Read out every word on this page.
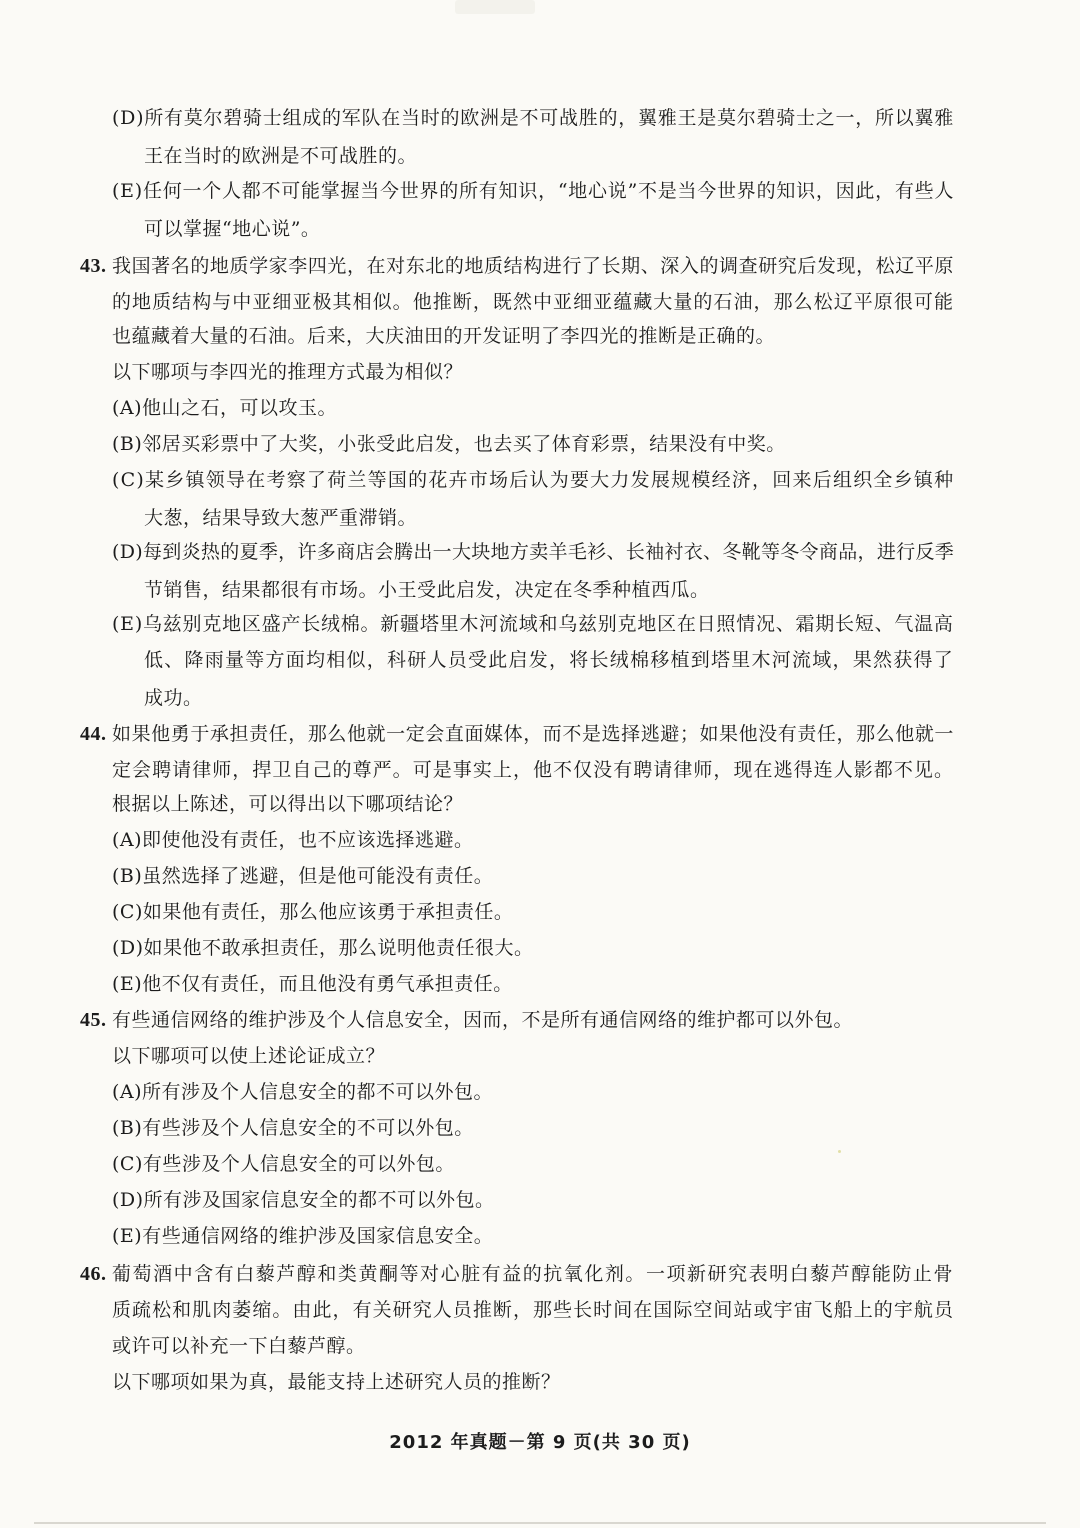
(D)所有莫尔碧骑士组成的军队在当时的欧洲是不可战胜的，翼雅王是莫尔碧骑士之一，所以翼雅
王在当时的欧洲是不可战胜的。
(E)任何一个人都不可能掌握当今世界的所有知识，“地心说”不是当今世界的知识，因此，有些人
可以掌握“地心说”。
43. 我国著名的地质学家李四光，在对东北的地质结构进行了长期、深入的调查研究后发现，松辽平原
的地质结构与中亚细亚极其相似。他推断，既然中亚细亚蕴藏大量的石油，那么松辽平原很可能
也蕴藏着大量的石油。后来，大庆油田的开发证明了李四光的推断是正确的。
以下哪项与李四光的推理方式最为相似？
(A)他山之石，可以攻玉。
(B)邻居买彩票中了大奖，小张受此启发，也去买了体育彩票，结果没有中奖。
(C)某乡镇领导在考察了荷兰等国的花卉市场后认为要大力发展规模经济，回来后组织全乡镇种
大葱，结果导致大葱严重滞销。
(D)每到炎热的夏季，许多商店会腾出一大块地方卖羊毛衫、长袖衬衣、冬靴等冬令商品，进行反季
节销售，结果都很有市场。小王受此启发，决定在冬季种植西瓜。
(E)乌兹别克地区盛产长绒棉。新疆塔里木河流域和乌兹别克地区在日照情况、霜期长短、气温高
低、降雨量等方面均相似，科研人员受此启发，将长绒棉移植到塔里木河流域，果然获得了
成功。
44. 如果他勇于承担责任，那么他就一定会直面媒体，而不是选择逃避；如果他没有责任，那么他就一
定会聘请律师，捍卫自己的尊严。可是事实上，他不仅没有聘请律师，现在逃得连人影都不见。
根据以上陈述，可以得出以下哪项结论？
(A)即使他没有责任，也不应该选择逃避。
(B)虽然选择了逃避，但是他可能没有责任。
(C)如果他有责任，那么他应该勇于承担责任。
(D)如果他不敢承担责任，那么说明他责任很大。
(E)他不仅有责任，而且他没有勇气承担责任。
45. 有些通信网络的维护涉及个人信息安全，因而，不是所有通信网络的维护都可以外包。
以下哪项可以使上述论证成立？
(A)所有涉及个人信息安全的都不可以外包。
(B)有些涉及个人信息安全的不可以外包。
(C)有些涉及个人信息安全的可以外包。
(D)所有涉及国家信息安全的都不可以外包。
(E)有些通信网络的维护涉及国家信息安全。
46. 葡萄酒中含有白藜芦醇和类黄酮等对心脏有益的抗氧化剂。一项新研究表明白藜芦醇能防止骨
质疏松和肌肉萎缩。由此，有关研究人员推断，那些长时间在国际空间站或宇宙飞船上的宇航员
或许可以补充一下白藜芦醇。
以下哪项如果为真，最能支持上述研究人员的推断？
2012 年真题－第 9 页(共 30 页)
